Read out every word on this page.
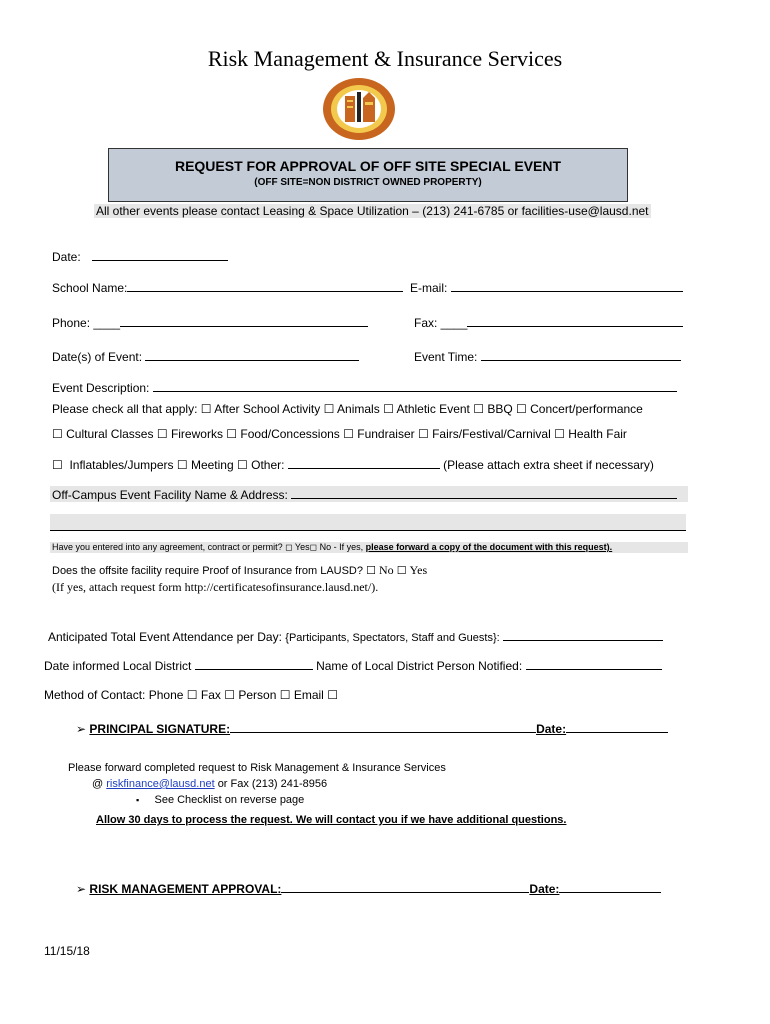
Risk Management & Insurance Services
REQUEST FOR APPROVAL OF OFF SITE SPECIAL EVENT
(OFF SITE=NON DISTRICT OWNED PROPERTY)
All other events please contact Leasing & Space Utilization – (213) 241-6785 or facilities-use@lausd.net
Date:
School Name:	E-mail:
Phone: ____	Fax: ____
Date(s) of Event:	Event Time:
Event Description:
Please check all that apply: ☐ After School Activity ☐ Animals ☐ Athletic Event ☐ BBQ ☐ Concert/performance
☐ Cultural Classes ☐ Fireworks ☐ Food/Concessions ☐ Fundraiser ☐ Fairs/Festival/Carnival ☐ Health Fair
☐ Inflatables/Jumpers ☐ Meeting ☐ Other:	(Please attach extra sheet if necessary)
Off-Campus Event Facility Name & Address:
Have you entered into any agreement, contract or permit? ◻ Yes◻ No - If yes, please forward a copy of the document with this request).
Does the offsite facility require Proof of Insurance from LAUSD? ☐ No ☐ Yes
(If yes, attach request form http://certificatesofinsurance.lausd.net/).
Anticipated Total Event Attendance per Day: {Participants, Spectators, Staff and Guests}:
Date informed Local District	Name of Local District Person Notified:
Method of Contact: Phone ☐ Fax ☐ Person ☐ Email ☐
➢ PRINCIPAL SIGNATURE:	Date:
Please forward completed request to Risk Management & Insurance Services
@ riskfinance@lausd.net or Fax (213) 241-8956
▪ See Checklist on reverse page
Allow 30 days to process the request. We will contact you if we have additional questions.
➢ RISK MANAGEMENT APPROVAL:	Date:
11/15/18
